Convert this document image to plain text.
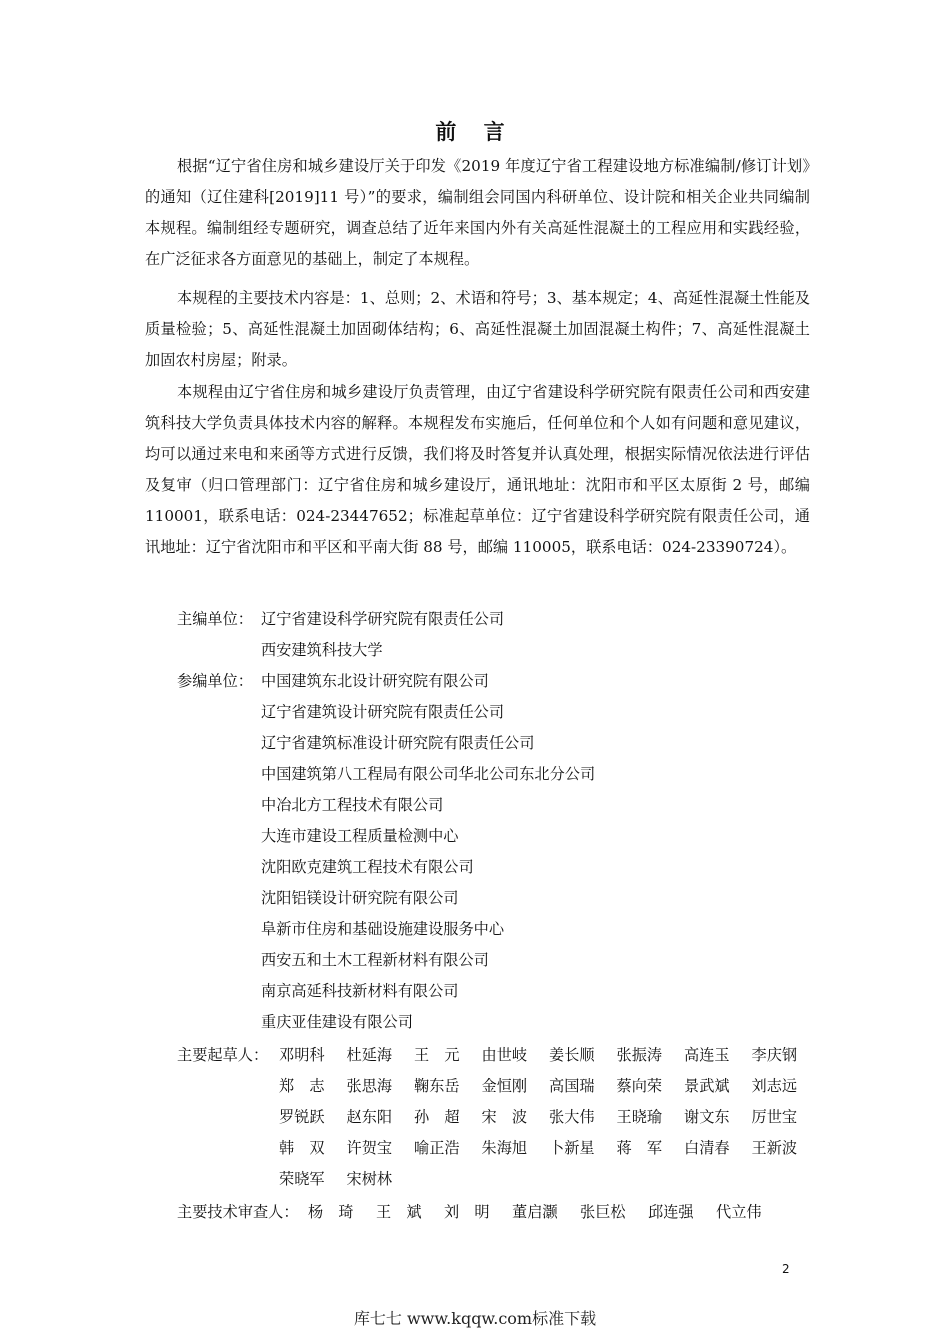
前 言

根据“辽宁省住房和城乡建设厅关于印发《2019 年度辽宁省工程建设地方标准编制/修订计划》的通知（辽住建科[2019]11 号）”的要求，编制组会同国内科研单位、设计院和相关企业共同编制本规程。编制组经专题研究，调查总结了近年来国内外有关高延性混凝土的工程应用和实践经验，在广泛征求各方面意见的基础上，制定了本规程。

本规程的主要技术内容是：1、总则；2、术语和符号；3、基本规定；4、高延性混凝土性能及质量检验；5、高延性混凝土加固砌体结构；6、高延性混凝土加固混凝土构件；7、高延性混凝土加固农村房屋；附录。

本规程由辽宁省住房和城乡建设厅负责管理，由辽宁省建设科学研究院有限责任公司和西安建筑科技大学负责具体技术内容的解释。本规程发布实施后，任何单位和个人如有问题和意见建议，均可以通过来电和来函等方式进行反馈，我们将及时答复并认真处理，根据实际情况依法进行评估及复审（归口管理部门：辽宁省住房和城乡建设厅，通讯地址：沈阳市和平区太原街 2 号，邮编 110001，联系电话：024-23447652；标准起草单位：辽宁省建设科学研究院有限责任公司，通讯地址：辽宁省沈阳市和平区和平南大街 88 号，邮编 110005，联系电话：024-23390724）。

主编单位： 辽宁省建设科学研究院有限责任公司
西安建筑科技大学
参编单位： 中国建筑东北设计研究院有限公司
辽宁省建筑设计研究院有限责任公司
辽宁省建筑标准设计研究院有限责任公司
中国建筑第八工程局有限公司华北公司东北分公司
中冶北方工程技术有限公司
大连市建设工程质量检测中心
沈阳欧克建筑工程技术有限公司
沈阳铝镁设计研究院有限公司
阜新市住房和基础设施建设服务中心
西安五和土木工程新材料有限公司
南京高延科技新材料有限公司
重庆亚佳建设有限公司
主要起草人： 邓明科	杜延海	王　元	由世岐	姜长顺	张振涛	高连玉	李庆钢
郑　志	张思海	鞠东岳	金恒刚	高国瑞	蔡向荣	景武斌	刘志远
罗锐跃	赵东阳	孙　超	宋　波	张大伟	王晓瑜	谢文东	厉世宝
韩　双	许贺宝	喻正浩	朱海旭	卜新星	蒋　军	白清春	王新波
荣晓军	宋树林
主要技术审查人： 杨　琦	王　斌	刘　明	董启灏	张巨松	邱连强	代立伟
2
库七七 www.kqqw.com标准下载
